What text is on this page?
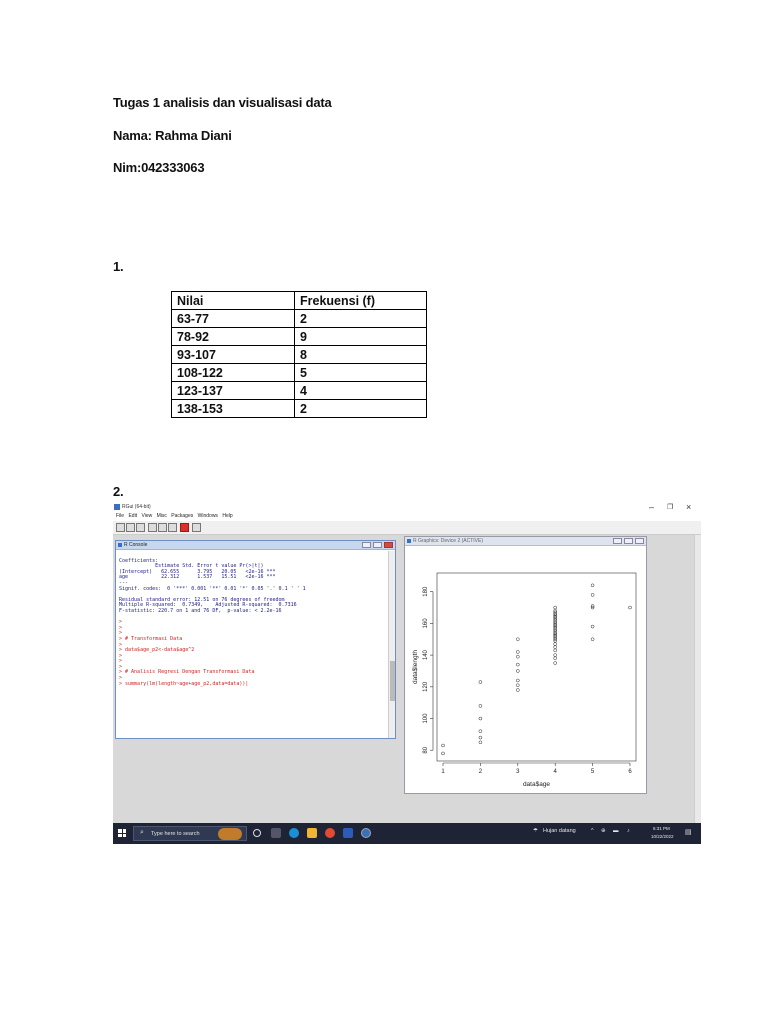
Tugas 1 analisis dan visualisasi data
Nama: Rahma Diani
Nim:042333063
1.
Nilai	Frekuensi (f)
63-77	2
78-92	9
93-107	8
108-122	5
123-137	4
138-153	2
2.
RGui (64-bit)	– ❐ ×
File Edit View Misc Packages Windows Help
R Console

Coefficients:
Estimate Std. Error t value Pr(>|t|)
(Intercept)   62.655      3.795   20.05   <2e-16 ***
age           22.312      1.537   15.51   <2e-16 ***
---
Signif. codes:  0 '***' 0.001 '**' 0.01 '*' 0.05 '.' 0.1 ' ' 1

Residual standard error: 12.51 on 76 degrees of freedom
Multiple R-squared:  0.7349,    Adjusted R-squared:  0.7316
F-statistic: 220.7 on 1 and 76 DF,  p-value: < 2.2e-16

>
>
>
> # Transformasi Data
>
> data$age_p2<-data$age^2
>
>
>
> # Analisis Regresi Dengan Transformasi Data
>
> summary(lm(length~age+age_p2,data=data))|
R Graphics: Device 2 (ACTIVE)
1	2	3	4	5	6
80
100
120
140
160
180
data$age
data$length
⌕ Type here to search	☂ Hujan datang	^ ⊕ ▬ ♪	6:31 PM
10/22/2022
▤
